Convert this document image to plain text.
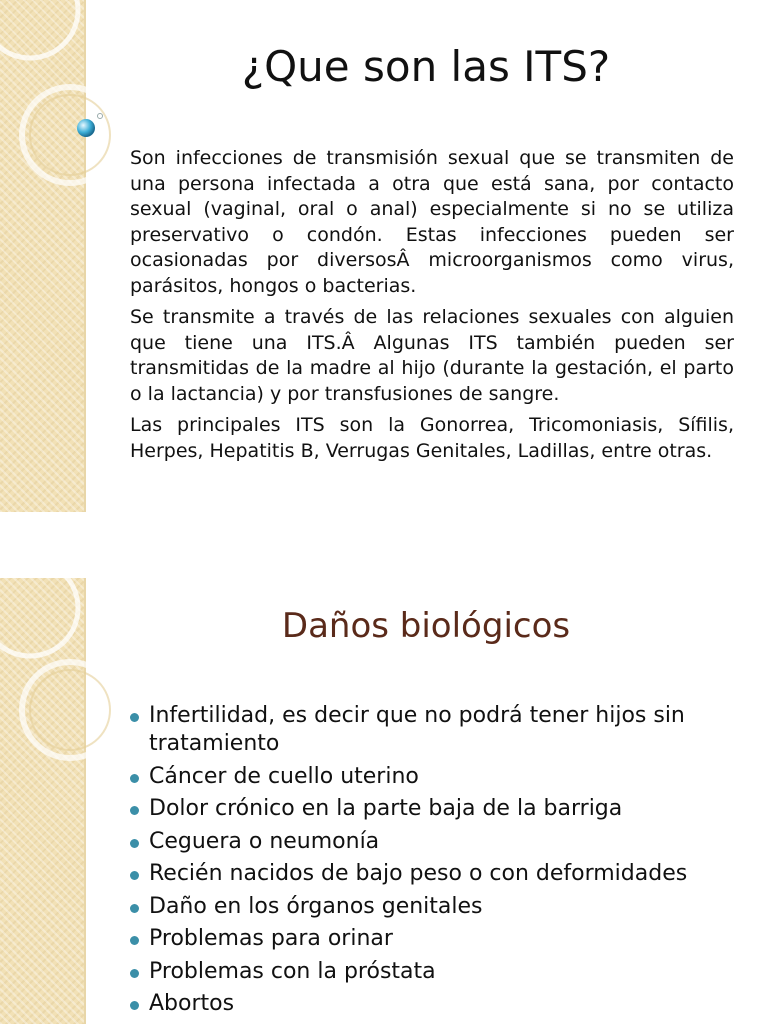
¿Que son las ITS?

Son infecciones de transmisión sexual que se transmiten de una persona infectada a otra que está sana, por contacto sexual (vaginal, oral o anal) especialmente si no se utiliza preservativo o condón. Estas infecciones pueden ser ocasionadas por diversosÂ microorganismos como virus, parásitos, hongos o bacterias.

Se transmite a través de las relaciones sexuales con alguien que tiene una ITS.Â Algunas ITS también pueden ser transmitidas de la madre al hijo (durante la gestación, el parto o la lactancia) y por transfusiones de sangre.

Las principales ITS son la Gonorrea, Tricomoniasis, Sífilis, Herpes, Hepatitis B, Verrugas Genitales, Ladillas, entre otras.

Daños biológicos
Infertilidad, es decir que no podrá tener hijos sin tratamiento
Cáncer de cuello uterino
Dolor crónico en la parte baja de la barriga
Ceguera o neumonía
Recién nacidos de bajo peso o con deformidades
Daño en los órganos genitales
Problemas para orinar
Problemas con la próstata
Abortos
